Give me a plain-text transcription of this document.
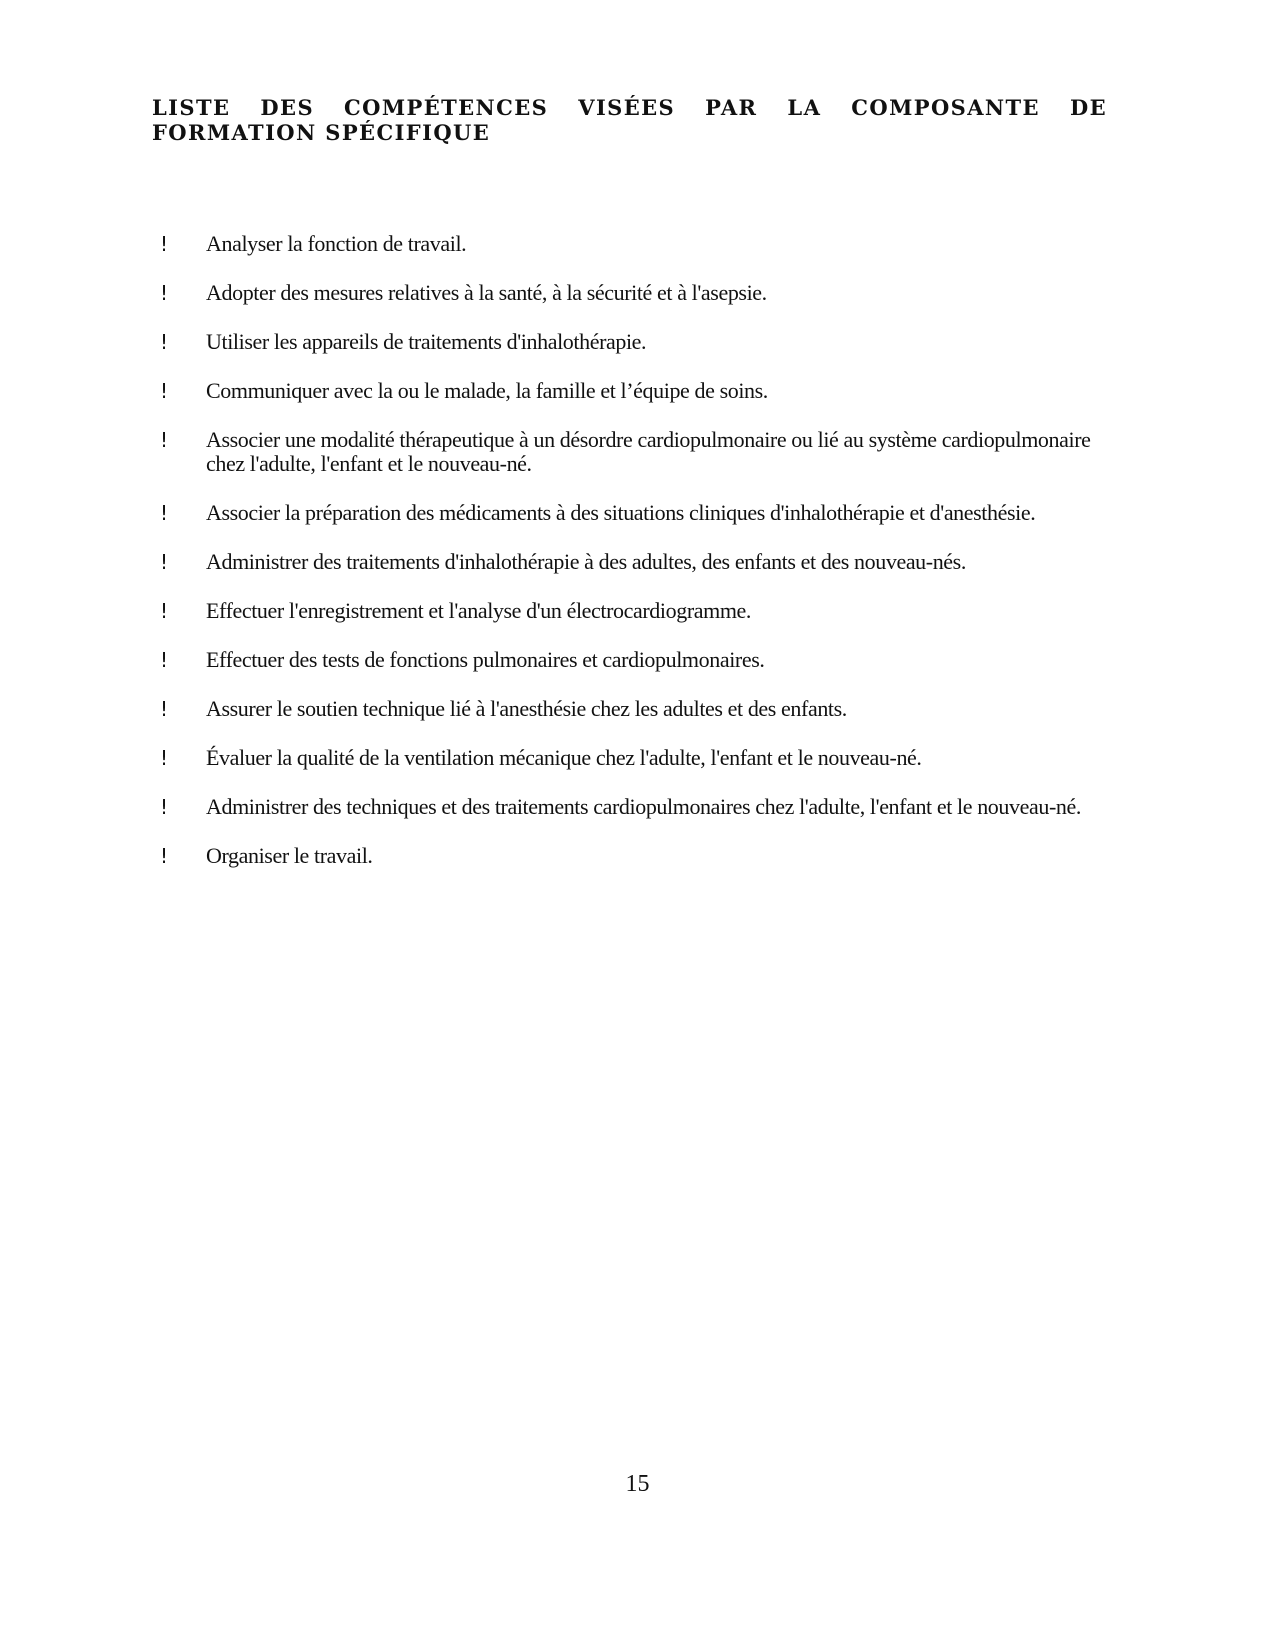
LISTE DES COMPÉTENCES VISÉES PAR LA COMPOSANTE DE FORMATION SPÉCIFIQUE
!	Analyser la fonction de travail.
!	Adopter des mesures relatives à la santé, à la sécurité et à l'asepsie.
!	Utiliser les appareils de traitements d'inhalothérapie.
!	Communiquer avec la ou le malade, la famille et l’équipe de soins.
!	Associer une modalité thérapeutique à un désordre cardiopulmonaire ou lié au système cardiopulmonaire chez l'adulte, l'enfant et le nouveau-né.
!	Associer la préparation des médicaments à des situations cliniques d'inhalothérapie et d'anesthésie.
!	Administrer des traitements d'inhalothérapie à des adultes, des enfants et des nouveau-nés.
!	Effectuer l'enregistrement et l'analyse d'un électrocardiogramme.
!	Effectuer des tests de fonctions pulmonaires et cardiopulmonaires.
!	Assurer le soutien technique lié à l'anesthésie chez les adultes et des enfants.
!	Évaluer la qualité de la ventilation mécanique chez l'adulte, l'enfant et le nouveau-né.
!	Administrer des techniques et des traitements cardiopulmonaires chez l'adulte, l'enfant et le nouveau-né.
!	Organiser le travail.

15
